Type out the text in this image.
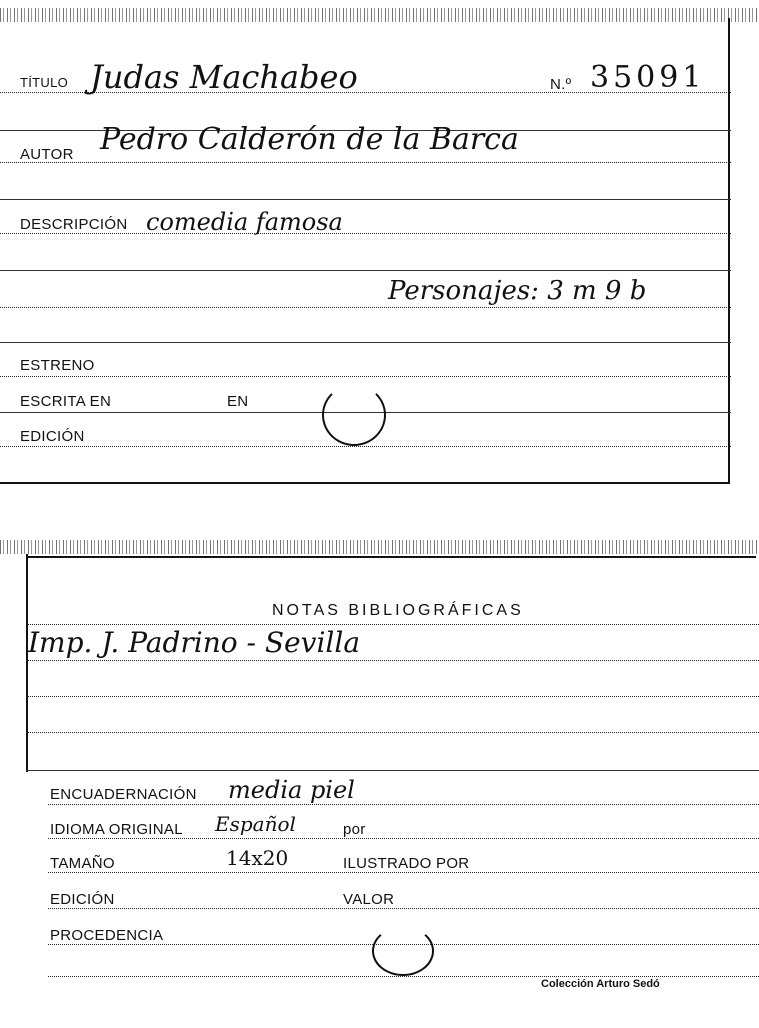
TÍTULO Judas Machabeo	N.º 35091
AUTOR Pedro Calderón de la Barca
DESCRIPCIÓN comedia famosa
Personajes: 3 m 9 b
ESTRENO
ESCRITA EN	EN
EDICIÓN
NOTAS BIBLIOGRÁFICAS
Imp. J. Padrino - Sevilla
ENCUADERNACIÓN media piel
IDIOMA ORIGINAL Español	por
TAMAÑO	14x20	ILUSTRADO POR
EDICIÓN	VALOR
PROCEDENCIA
Colección Arturo Sedó
